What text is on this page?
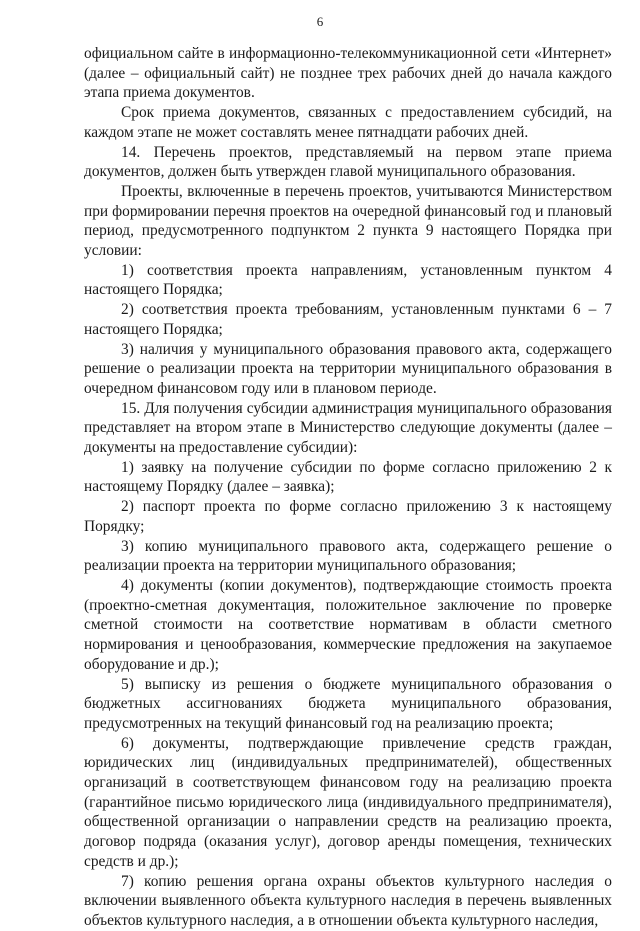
6

официальном сайте в информационно-телекоммуникационной сети «Интернет» (далее – официальный сайт) не позднее трех рабочих дней до начала каждого этапа приема документов.

Срок приема документов, связанных с предоставлением субсидий, на каждом этапе не может составлять менее пятнадцати рабочих дней.

14. Перечень проектов, представляемый на первом этапе приема документов, должен быть утвержден главой муниципального образования.

Проекты, включенные в перечень проектов, учитываются Министерством при формировании перечня проектов на очередной финансовый год и плановый период, предусмотренного подпунктом 2 пункта 9 настоящего Порядка при условии:

1) соответствия проекта направлениям, установленным пунктом 4 настоящего Порядка;

2) соответствия проекта требованиям, установленным пунктами 6 – 7 настоящего Порядка;

3) наличия у муниципального образования правового акта, содержащего решение о реализации проекта на территории муниципального образования в очередном финансовом году или в плановом периоде.

15. Для получения субсидии администрация муниципального образования представляет на втором этапе в Министерство следующие документы (далее – документы на предоставление субсидии):

1) заявку на получение субсидии по форме согласно приложению 2 к настоящему Порядку (далее – заявка);

2) паспорт проекта по форме согласно приложению 3 к настоящему Порядку;

3) копию муниципального правового акта, содержащего решение о реализации проекта на территории муниципального образования;

4) документы (копии документов), подтверждающие стоимость проекта (проектно-сметная документация, положительное заключение по проверке сметной стоимости на соответствие нормативам в области сметного нормирования и ценообразования, коммерческие предложения на закупаемое оборудование и др.);

5) выписку из решения о бюджете муниципального образования о бюджетных ассигнованиях бюджета муниципального образования, предусмотренных на текущий финансовый год на реализацию проекта;

6) документы, подтверждающие привлечение средств граждан, юридических лиц (индивидуальных предпринимателей), общественных организаций в соответствующем финансовом году на реализацию проекта (гарантийное письмо юридического лица (индивидуального предпринимателя), общественной организации о направлении средств на реализацию проекта, договор подряда (оказания услуг), договор аренды помещения, технических средств и др.);

7) копию решения органа охраны объектов культурного наследия о включении выявленного объекта культурного наследия в перечень выявленных объектов культурного наследия, а в отношении объекта культурного наследия,
